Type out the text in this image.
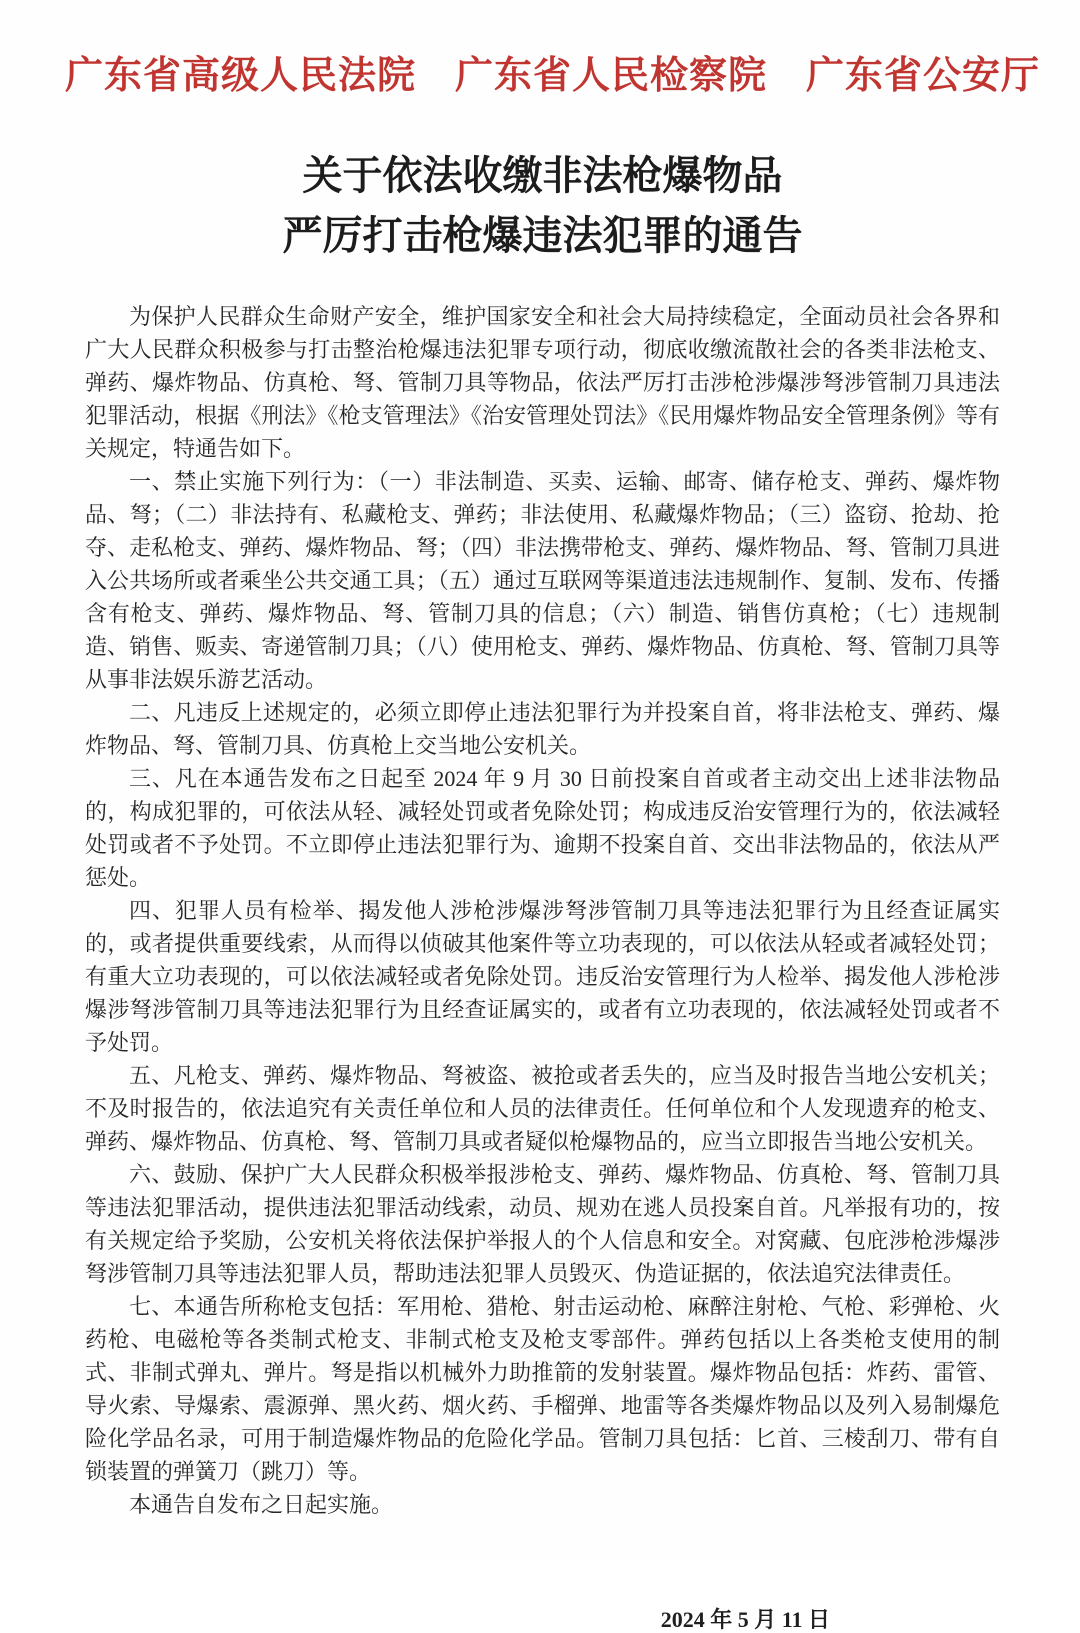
广东省高级人民法院　广东省人民检察院　广东省公安厅
关于依法收缴非法枪爆物品
严厉打击枪爆违法犯罪的通告

为保护人民群众生命财产安全，维护国家安全和社会大局持续稳定，全面动员社会各界和广大人民群众积极参与打击整治枪爆违法犯罪专项行动，彻底收缴流散社会的各类非法枪支、弹药、爆炸物品、仿真枪、弩、管制刀具等物品，依法严厉打击涉枪涉爆涉弩涉管制刀具违法犯罪活动，根据《刑法》《枪支管理法》《治安管理处罚法》《民用爆炸物品安全管理条例》等有关规定，特通告如下。

一、禁止实施下列行为：（一）非法制造、买卖、运输、邮寄、储存枪支、弹药、爆炸物品、弩；（二）非法持有、私藏枪支、弹药；非法使用、私藏爆炸物品；（三）盗窃、抢劫、抢夺、走私枪支、弹药、爆炸物品、弩；（四）非法携带枪支、弹药、爆炸物品、弩、管制刀具进入公共场所或者乘坐公共交通工具；（五）通过互联网等渠道违法违规制作、复制、发布、传播含有枪支、弹药、爆炸物品、弩、管制刀具的信息；（六）制造、销售仿真枪；（七）违规制造、销售、贩卖、寄递管制刀具；（八）使用枪支、弹药、爆炸物品、仿真枪、弩、管制刀具等从事非法娱乐游艺活动。

二、凡违反上述规定的，必须立即停止违法犯罪行为并投案自首，将非法枪支、弹药、爆炸物品、弩、管制刀具、仿真枪上交当地公安机关。

三、凡在本通告发布之日起至 2024 年 9 月 30 日前投案自首或者主动交出上述非法物品的，构成犯罪的，可依法从轻、减轻处罚或者免除处罚；构成违反治安管理行为的，依法减轻处罚或者不予处罚。不立即停止违法犯罪行为、逾期不投案自首、交出非法物品的，依法从严惩处。

四、犯罪人员有检举、揭发他人涉枪涉爆涉弩涉管制刀具等违法犯罪行为且经查证属实的，或者提供重要线索，从而得以侦破其他案件等立功表现的，可以依法从轻或者减轻处罚；有重大立功表现的，可以依法减轻或者免除处罚。违反治安管理行为人检举、揭发他人涉枪涉爆涉弩涉管制刀具等违法犯罪行为且经查证属实的，或者有立功表现的，依法减轻处罚或者不予处罚。

五、凡枪支、弹药、爆炸物品、弩被盗、被抢或者丢失的，应当及时报告当地公安机关；不及时报告的，依法追究有关责任单位和人员的法律责任。任何单位和个人发现遗弃的枪支、弹药、爆炸物品、仿真枪、弩、管制刀具或者疑似枪爆物品的，应当立即报告当地公安机关。

六、鼓励、保护广大人民群众积极举报涉枪支、弹药、爆炸物品、仿真枪、弩、管制刀具等违法犯罪活动，提供违法犯罪活动线索，动员、规劝在逃人员投案自首。凡举报有功的，按有关规定给予奖励，公安机关将依法保护举报人的个人信息和安全。对窝藏、包庇涉枪涉爆涉弩涉管制刀具等违法犯罪人员，帮助违法犯罪人员毁灭、伪造证据的，依法追究法律责任。

七、本通告所称枪支包括：军用枪、猎枪、射击运动枪、麻醉注射枪、气枪、彩弹枪、火药枪、电磁枪等各类制式枪支、非制式枪支及枪支零部件。弹药包括以上各类枪支使用的制式、非制式弹丸、弹片。弩是指以机械外力助推箭的发射装置。爆炸物品包括：炸药、雷管、导火索、导爆索、震源弹、黑火药、烟火药、手榴弹、地雷等各类爆炸物品以及列入易制爆危险化学品名录，可用于制造爆炸物品的危险化学品。管制刀具包括：匕首、三棱刮刀、带有自锁装置的弹簧刀（跳刀）等。

本通告自发布之日起实施。

2024 年 5 月 11 日
